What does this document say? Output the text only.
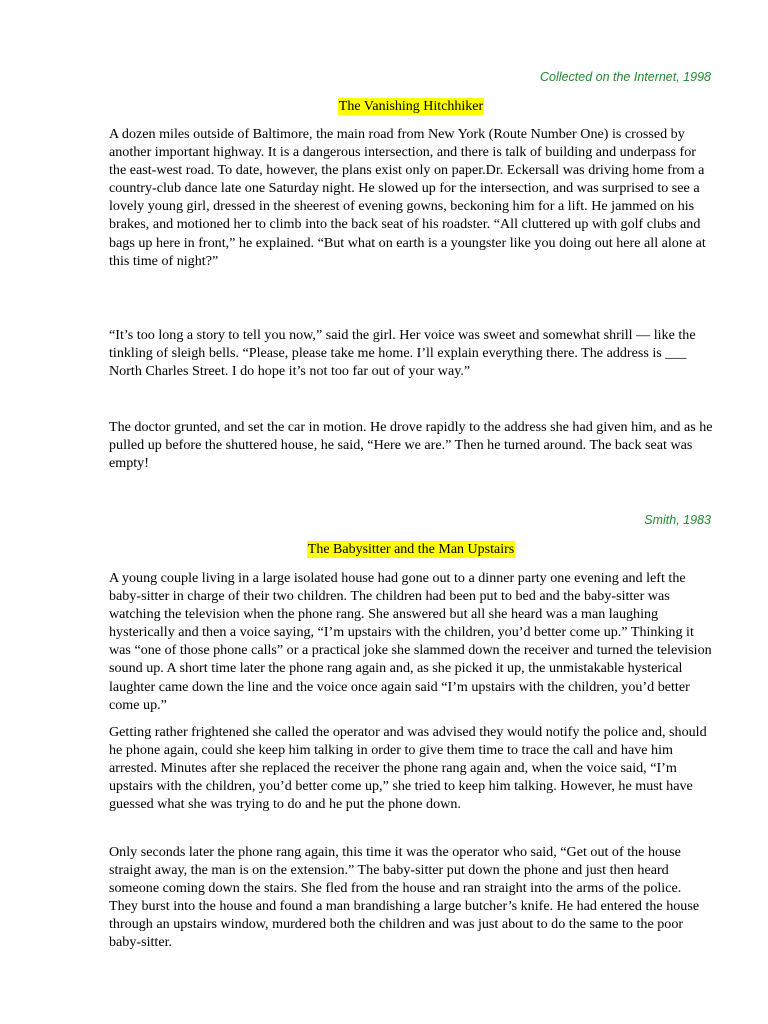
Collected on the Internet, 1998

The Vanishing Hitchhiker

A dozen miles outside of Baltimore, the main road from New York (Route Number One) is crossed by another important highway. It is a dangerous intersection, and there is talk of building and underpass for the east-west road. To date, however, the plans exist only on paper.Dr. Eckersall was driving home from a country-club dance late one Saturday night. He slowed up for the intersection, and was surprised to see a lovely young girl, dressed in the sheerest of evening gowns, beckoning him for a lift. He jammed on his brakes, and motioned her to climb into the back seat of his roadster. “All cluttered up with golf clubs and bags up here in front,” he explained. “But what on earth is a youngster like you doing out here all alone at this time of night?”

“It’s too long a story to tell you now,” said the girl. Her voice was sweet and somewhat shrill — like the tinkling of sleigh bells. “Please, please take me home. I’ll explain everything there. The address is ___ North Charles Street. I do hope it’s not too far out of your way.”

The doctor grunted, and set the car in motion. He drove rapidly to the address she had given him, and as he pulled up before the shuttered house, he said, “Here we are.” Then he turned around. The back seat was empty!

Smith, 1983

The Babysitter and the Man Upstairs

A young couple living in a large isolated house had gone out to a dinner party one evening and left the baby-sitter in charge of their two children. The children had been put to bed and the baby-sitter was watching the television when the phone rang. She answered but all she heard was a man laughing hysterically and then a voice saying, “I’m upstairs with the children, you’d better come up.” Thinking it was “one of those phone calls” or a practical joke she slammed down the receiver and turned the television sound up. A short time later the phone rang again and, as she picked it up, the unmistakable hysterical laughter came down the line and the voice once again said “I’m upstairs with the children, you’d better come up.”

Getting rather frightened she called the operator and was advised they would notify the police and, should he phone again, could she keep him talking in order to give them time to trace the call and have him arrested. Minutes after she replaced the receiver the phone rang again and, when the voice said, “I’m upstairs with the children, you’d better come up,” she tried to keep him talking. However, he must have guessed what she was trying to do and he put the phone down.

Only seconds later the phone rang again, this time it was the operator who said, “Get out of the house straight away, the man is on the extension.” The baby-sitter put down the phone and just then heard someone coming down the stairs. She fled from the house and ran straight into the arms of the police. They burst into the house and found a man brandishing a large butcher’s knife. He had entered the house through an upstairs window, murdered both the children and was just about to do the same to the poor baby-sitter.
